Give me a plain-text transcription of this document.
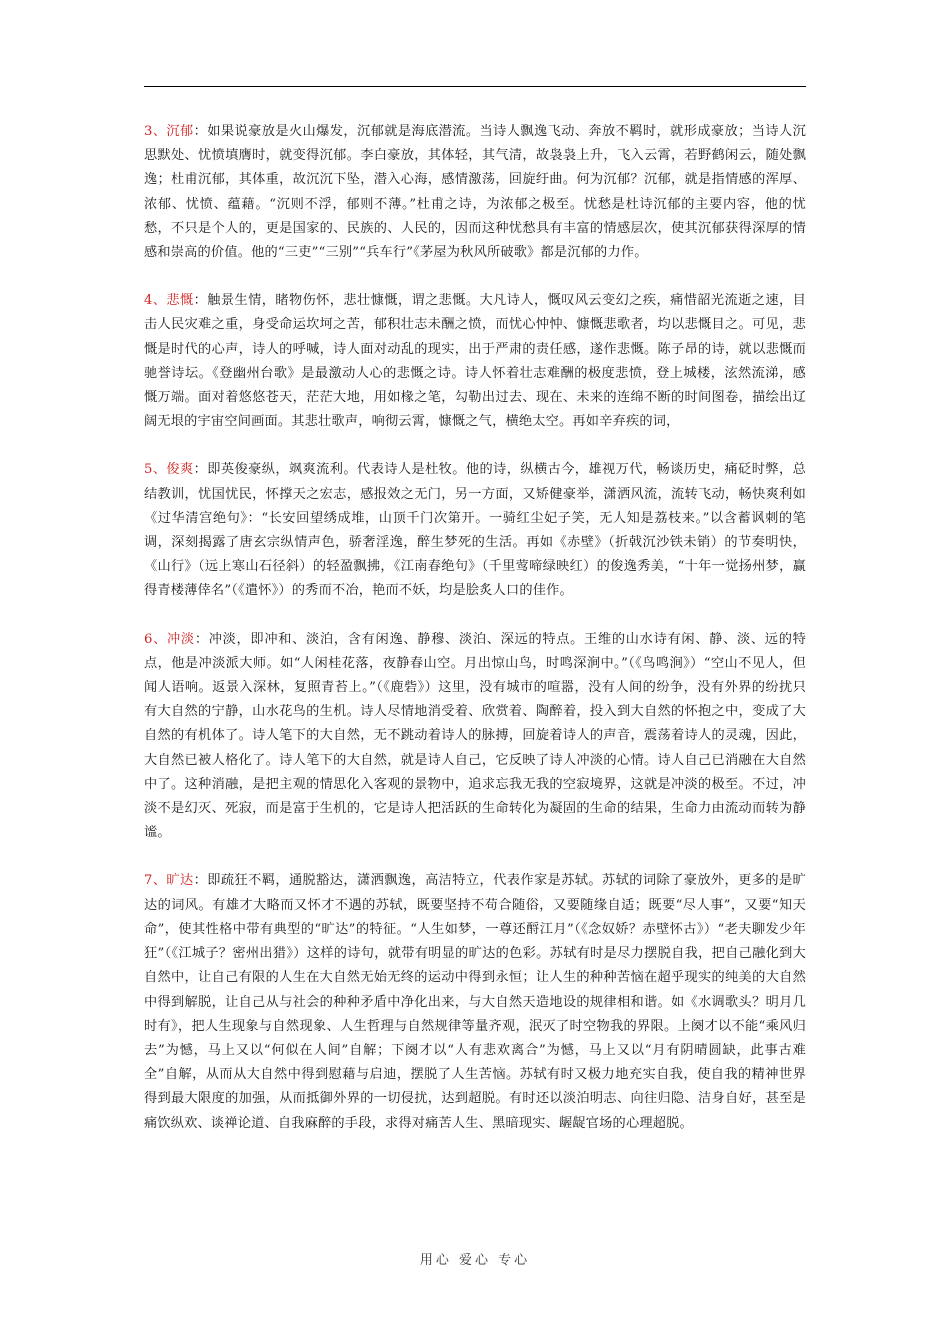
3、沉郁：如果说豪放是火山爆发，沉郁就是海底潜流。当诗人飘逸飞动、奔放不羁时，就形成豪放；当诗人沉思默处、忧愤填膺时，就变得沉郁。李白豪放，其体轻，其气清，故袅袅上升，飞入云霄，若野鹤闲云，随处飘逸；杜甫沉郁，其体重，故沉沉下坠，潜入心海，感情激荡，回旋纡曲。何为沉郁？沉郁，就是指情感的浑厚、浓郁、忧愤、蕴藉。“沉则不浮，郁则不薄。”杜甫之诗，为浓郁之极至。忧愁是杜诗沉郁的主要内容，他的忧愁，不只是个人的，更是国家的、民族的、人民的，因而这种忧愁具有丰富的情感层次，使其沉郁获得深厚的情感和崇高的价值。他的“三吏”“三别”“兵车行”《茅屋为秋风所破歌》都是沉郁的力作。

4、悲慨：触景生情，睹物伤怀，悲壮慷慨，谓之悲慨。大凡诗人，慨叹风云变幻之疾，痛惜韶光流逝之速，目击人民灾难之重，身受命运坎坷之苦，郁积壮志未酬之愤，而忧心忡忡、慷慨悲歌者，均以悲慨目之。可见，悲慨是时代的心声，诗人的呼喊，诗人面对动乱的现实，出于严肃的责任感，遂作悲慨。陈子昂的诗，就以悲慨而驰誉诗坛。《登幽州台歌》是最激动人心的悲慨之诗。诗人怀着壮志难酬的极度悲愤，登上城楼，泫然流涕，感慨万端。面对着悠悠苍天，茫茫大地，用如椽之笔，勾勒出过去、现在、未来的连绵不断的时间图卷，描绘出辽阔无垠的宇宙空间画面。其悲壮歌声，响彻云霄，慷慨之气，横绝太空。再如辛弃疾的词，

5、俊爽：即英俊豪纵，飒爽流利。代表诗人是杜牧。他的诗，纵横古今，雄视万代，畅谈历史，痛砭时弊，总结教训，忧国忧民，怀撑天之宏志，感报效之无门，另一方面，又矫健豪举，潇洒风流，流转飞动，畅快爽利如《过华清宫绝句》：“长安回望绣成堆，山顶千门次第开。一骑红尘妃子笑，无人知是荔枝来。”以含蓄讽刺的笔调，深刻揭露了唐玄宗纵情声色，骄奢淫逸，醉生梦死的生活。再如《赤壁》（折戟沉沙铁未销）的节奏明快，《山行》（远上寒山石径斜）的轻盈飘拂，《江南春绝句》（千里莺啼绿映红）的俊逸秀美，“十年一觉扬州梦，赢得青楼薄倖名”（《遣怀》）的秀而不冶，艳而不妖，均是脍炙人口的佳作。

6、冲淡：冲淡，即冲和、淡泊，含有闲逸、静穆、淡泊、深远的特点。王维的山水诗有闲、静、淡、远的特点，他是冲淡派大师。如“人闲桂花落，夜静春山空。月出惊山鸟，时鸣深涧中。”（《鸟鸣涧》）“空山不见人，但闻人语响。返景入深林，复照青苔上。”（《鹿砦》）这里，没有城市的喧嚣，没有人间的纷争，没有外界的纷扰只有大自然的宁静，山水花鸟的生机。诗人尽情地消受着、欣赏着、陶醉着，投入到大自然的怀抱之中，变成了大自然的有机体了。诗人笔下的大自然，无不跳动着诗人的脉搏，回旋着诗人的声音，震荡着诗人的灵魂，因此，大自然已被人格化了。诗人笔下的大自然，就是诗人自己，它反映了诗人冲淡的心情。诗人自己已消融在大自然中了。这种消融，是把主观的情思化入客观的景物中，追求忘我无我的空寂境界，这就是冲淡的极至。不过，冲淡不是幻灭、死寂，而是富于生机的，它是诗人把活跃的生命转化为凝固的生命的结果，生命力由流动而转为静谧。

7、旷达：即疏狂不羁，通脱豁达，潇洒飘逸，高洁特立，代表作家是苏轼。苏轼的词除了豪放外，更多的是旷达的词风。有雄才大略而又怀才不遇的苏轼，既要坚持不苟合随俗，又要随缘自适；既要“尽人事”，又要“知天命”，使其性格中带有典型的“旷达”的特征。“人生如梦，一尊还酹江月”（《念奴娇？赤壁怀古》）“老夫聊发少年狂”（《江城子？密州出猎》）这样的诗句，就带有明显的旷达的色彩。苏轼有时是尽力摆脱自我，把自己融化到大自然中，让自己有限的人生在大自然无始无终的运动中得到永恒；让人生的种种苦恼在超乎现实的纯美的大自然中得到解脱，让自己从与社会的种种矛盾中净化出来，与大自然天造地设的规律相和谐。如《水调歌头？明月几时有》，把人生现象与自然现象、人生哲理与自然规律等量齐观，泯灭了时空物我的界限。上阕才以不能“乘风归去”为憾，马上又以“何似在人间”自解；下阕才以“人有悲欢离合”为憾，马上又以“月有阴晴圆缺，此事古难全”自解，从而从大自然中得到慰藉与启迪，摆脱了人生苦恼。苏轼有时又极力地充实自我，使自我的精神世界得到最大限度的加强，从而抵御外界的一切侵扰，达到超脱。有时还以淡泊明志、向往归隐、洁身自好，甚至是痛饮纵欢、谈禅论道、自我麻醉的手段，求得对痛苦人生、黑暗现实、龌龊官场的心理超脱。

用心 爱心 专心
